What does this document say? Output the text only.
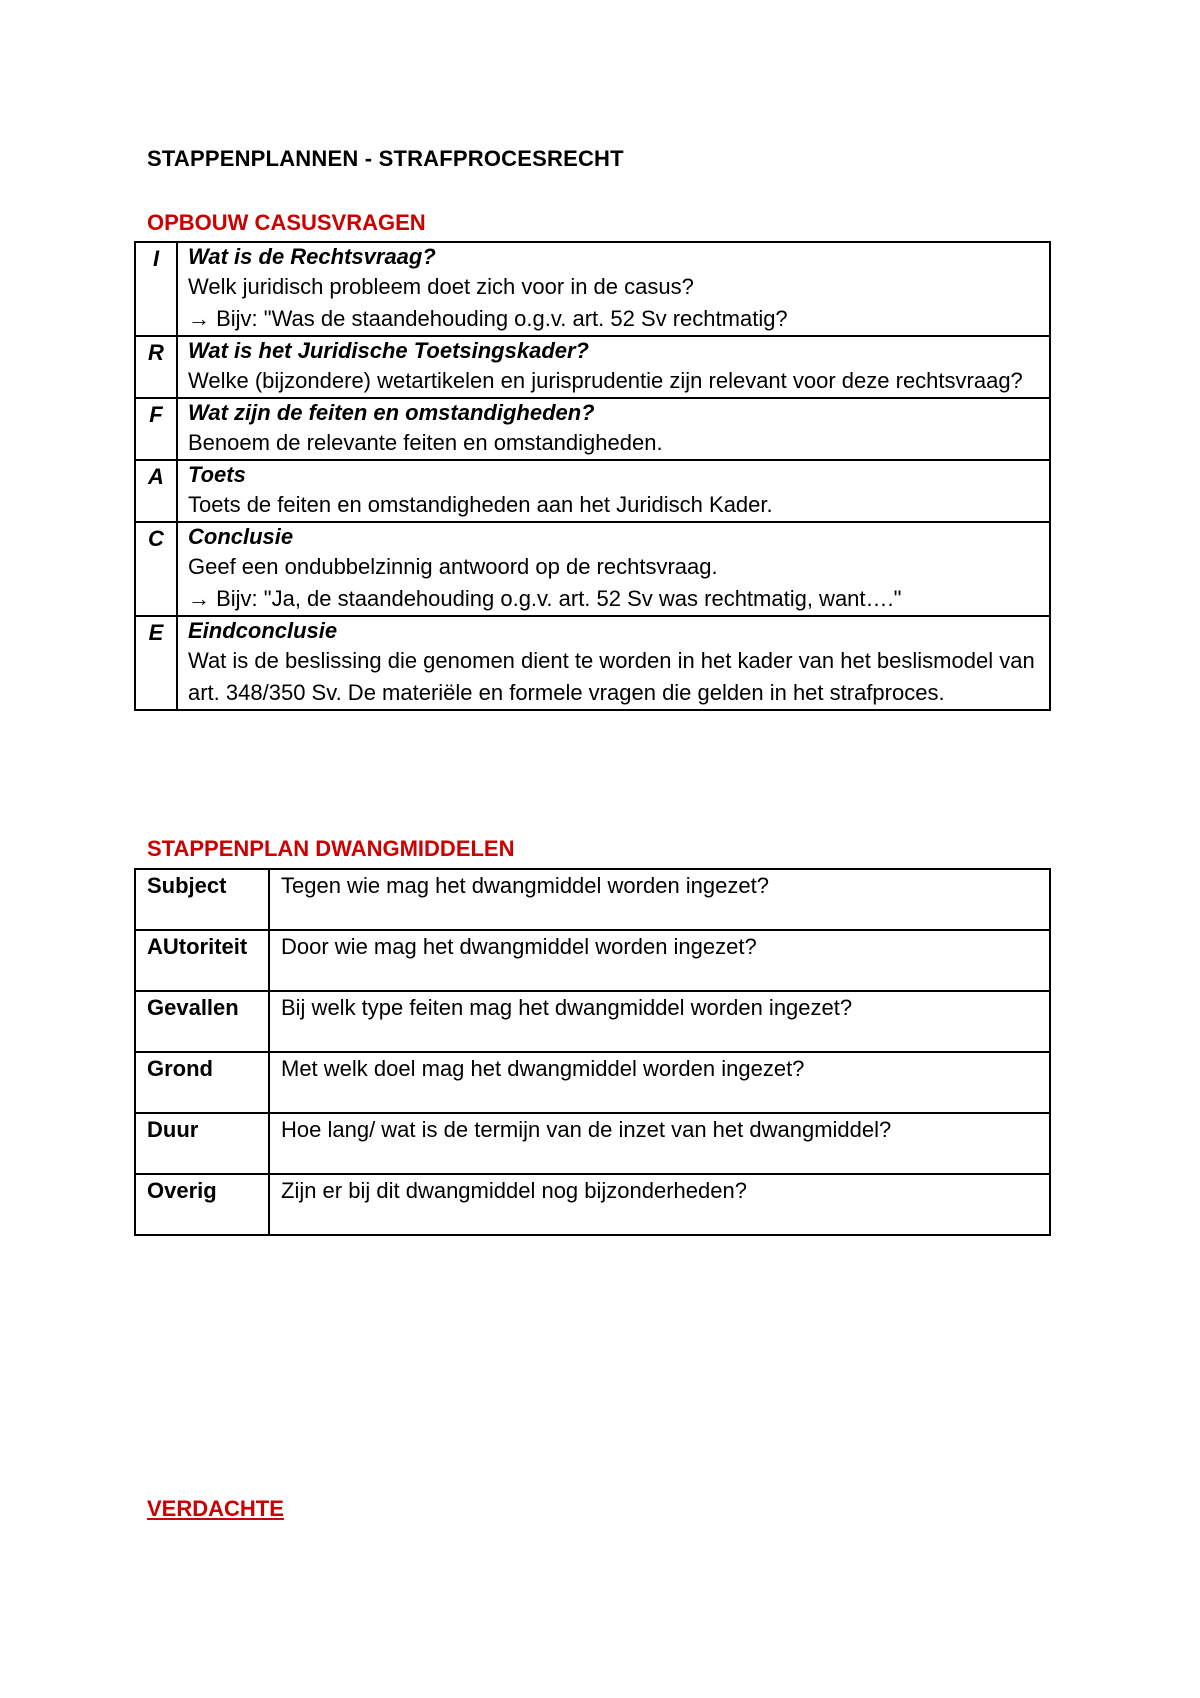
STAPPENPLANNEN - STRAFPROCESRECHT
OPBOUW CASUSVRAGEN
I	Wat is de Rechtsvraag?
Welk juridisch probleem doet zich voor in de casus?
→ Bijv: "Was de staandehouding o.g.v. art. 52 Sv rechtmatig?

R	Wat is het Juridische Toetsingskader?
Welke (bijzondere) wetartikelen en jurisprudentie zijn relevant voor deze rechtsvraag?

F	Wat zijn de feiten en omstandigheden?
Benoem de relevante feiten en omstandigheden.

A	Toets
Toets de feiten en omstandigheden aan het Juridisch Kader.

C	Conclusie
Geef een ondubbelzinnig antwoord op de rechtsvraag.
→ Bijv: "Ja, de staandehouding o.g.v. art. 52 Sv was rechtmatig, want…."

E	Eindconclusie
Wat is de beslissing die genomen dient te worden in het kader van het beslismodel van art. 348/350 Sv. De materiële en formele vragen die gelden in het strafproces.
STAPPENPLAN DWANGMIDDELEN
Subject	Tegen wie mag het dwangmiddel worden ingezet?
AUtoriteit	Door wie mag het dwangmiddel worden ingezet?
Gevallen	Bij welk type feiten mag het dwangmiddel worden ingezet?
Grond	Met welk doel mag het dwangmiddel worden ingezet?
Duur	Hoe lang/ wat is de termijn van de inzet van het dwangmiddel?
Overig	Zijn er bij dit dwangmiddel nog bijzonderheden?
VERDACHTE
